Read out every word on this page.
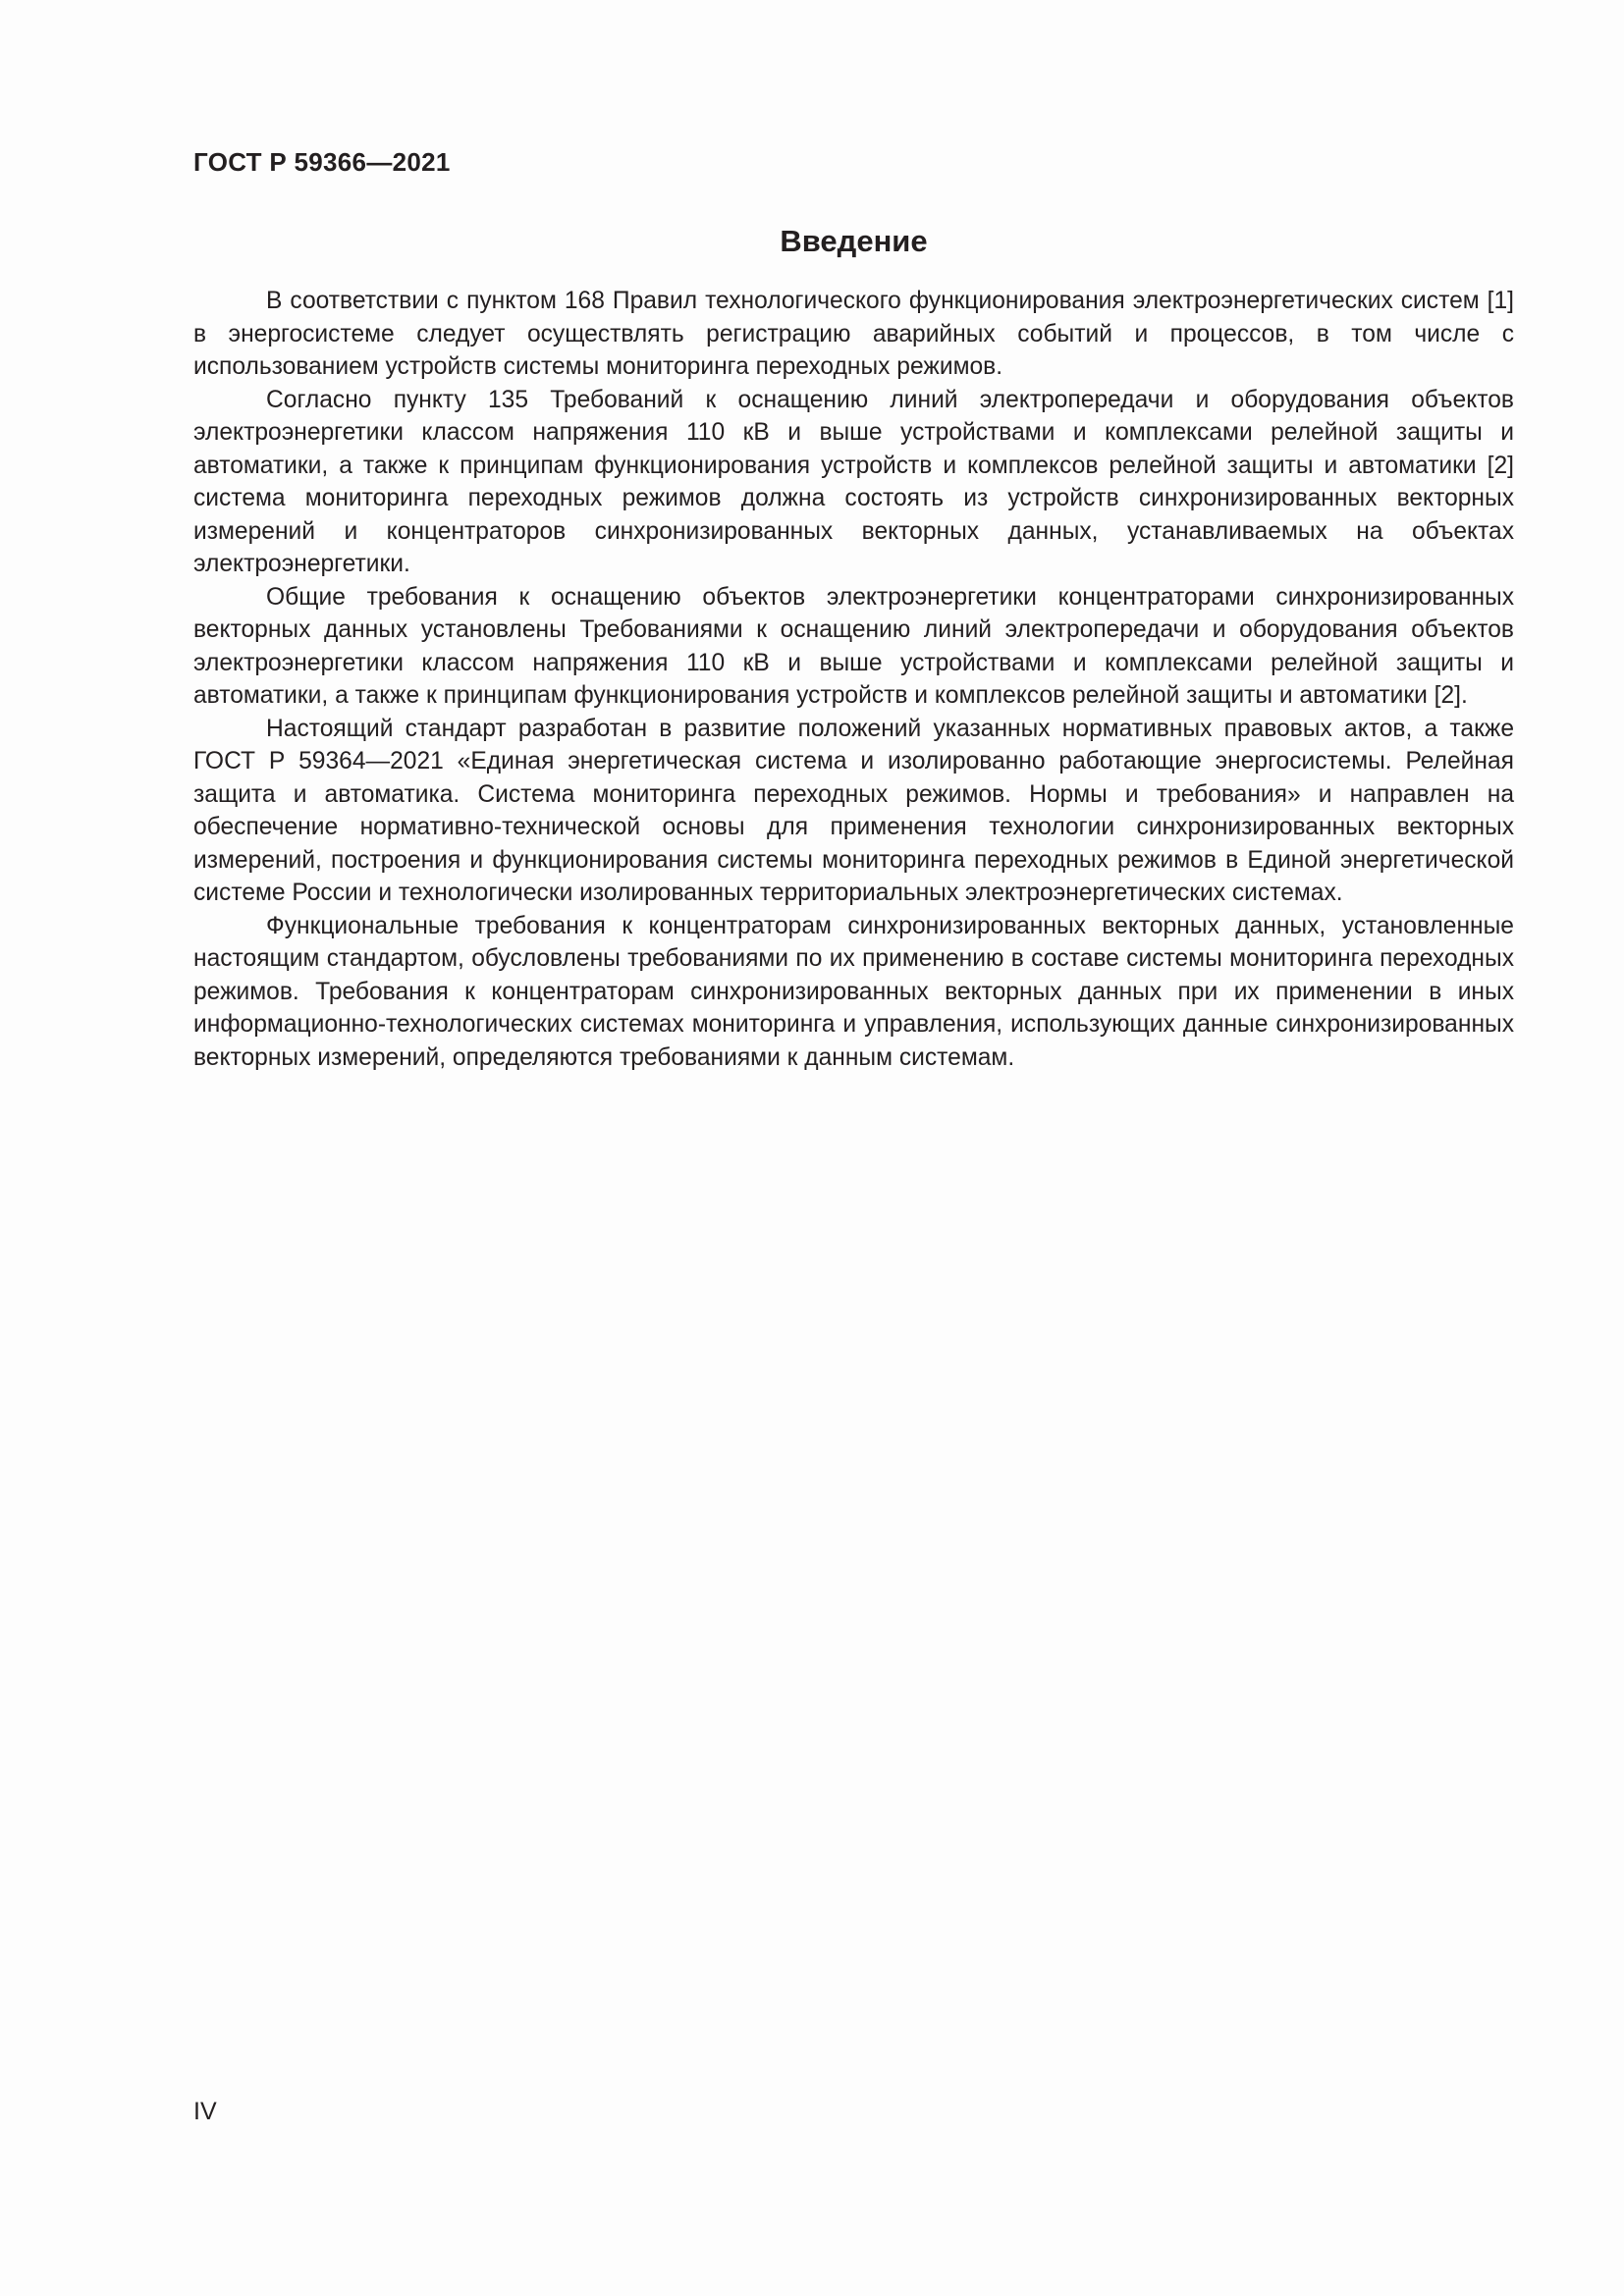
ГОСТ Р 59366—2021

Введение

В соответствии с пунктом 168 Правил технологического функционирования электроэнергетических систем [1] в энергосистеме следует осуществлять регистрацию аварийных событий и процессов, в том числе с использованием устройств системы мониторинга переходных режимов.

Согласно пункту 135 Требований к оснащению линий электропередачи и оборудования объектов электроэнергетики классом напряжения 110 кВ и выше устройствами и комплексами релейной защиты и автоматики, а также к принципам функционирования устройств и комплексов релейной защиты и автоматики [2] система мониторинга переходных режимов должна состоять из устройств синхронизированных векторных измерений и концентраторов синхронизированных векторных данных, устанавливаемых на объектах электроэнергетики.

Общие требования к оснащению объектов электроэнергетики концентраторами синхронизированных векторных данных установлены Требованиями к оснащению линий электропередачи и оборудования объектов электроэнергетики классом напряжения 110 кВ и выше устройствами и комплексами релейной защиты и автоматики, а также к принципам функционирования устройств и комплексов релейной защиты и автоматики [2].

Настоящий стандарт разработан в развитие положений указанных нормативных правовых актов, а также ГОСТ Р 59364—2021 «Единая энергетическая система и изолированно работающие энергосистемы. Релейная защита и автоматика. Система мониторинга переходных режимов. Нормы и требования» и направлен на обеспечение нормативно-технической основы для применения технологии синхронизированных векторных измерений, построения и функционирования системы мониторинга переходных режимов в Единой энергетической системе России и технологически изолированных территориальных электроэнергетических системах.

Функциональные требования к концентраторам синхронизированных векторных данных, установленные настоящим стандартом, обусловлены требованиями по их применению в составе системы мониторинга переходных режимов. Требования к концентраторам синхронизированных векторных данных при их применении в иных информационно-технологических системах мониторинга и управления, использующих данные синхронизированных векторных измерений, определяются требованиями к данным системам.

IV
